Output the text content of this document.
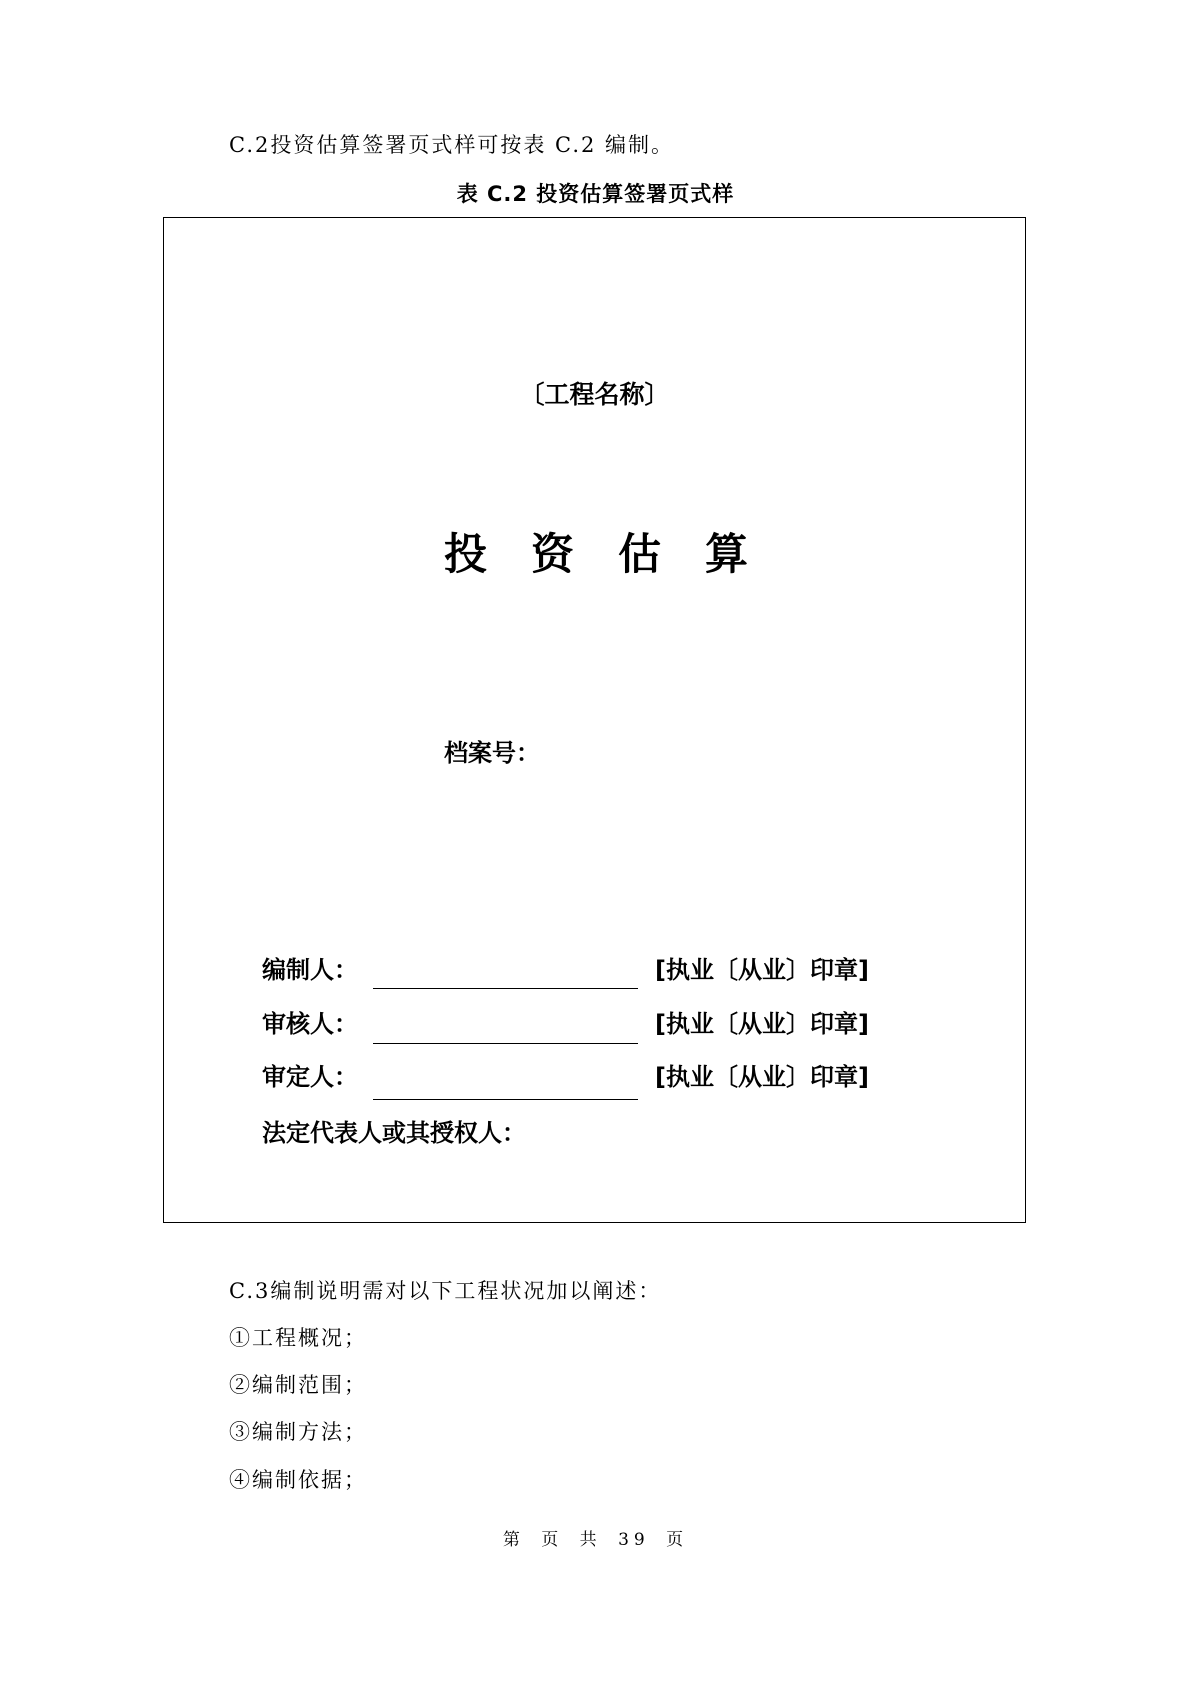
C.2投资估算签署页式样可按表 C.2 编制。
表 C.2 投资估算签署页式样
〔工程名称〕
投资估算
档案号：
编制人：	[执业〔从业〕印章]
审核人：	[执业〔从业〕印章]
审定人：	[执业〔从业〕印章]
法定代表人或其授权人：
C.3编制说明需对以下工程状况加以阐述：
①工程概况；
②编制范围；
③编制方法；
④编制依据；
第 页 共 39 页
